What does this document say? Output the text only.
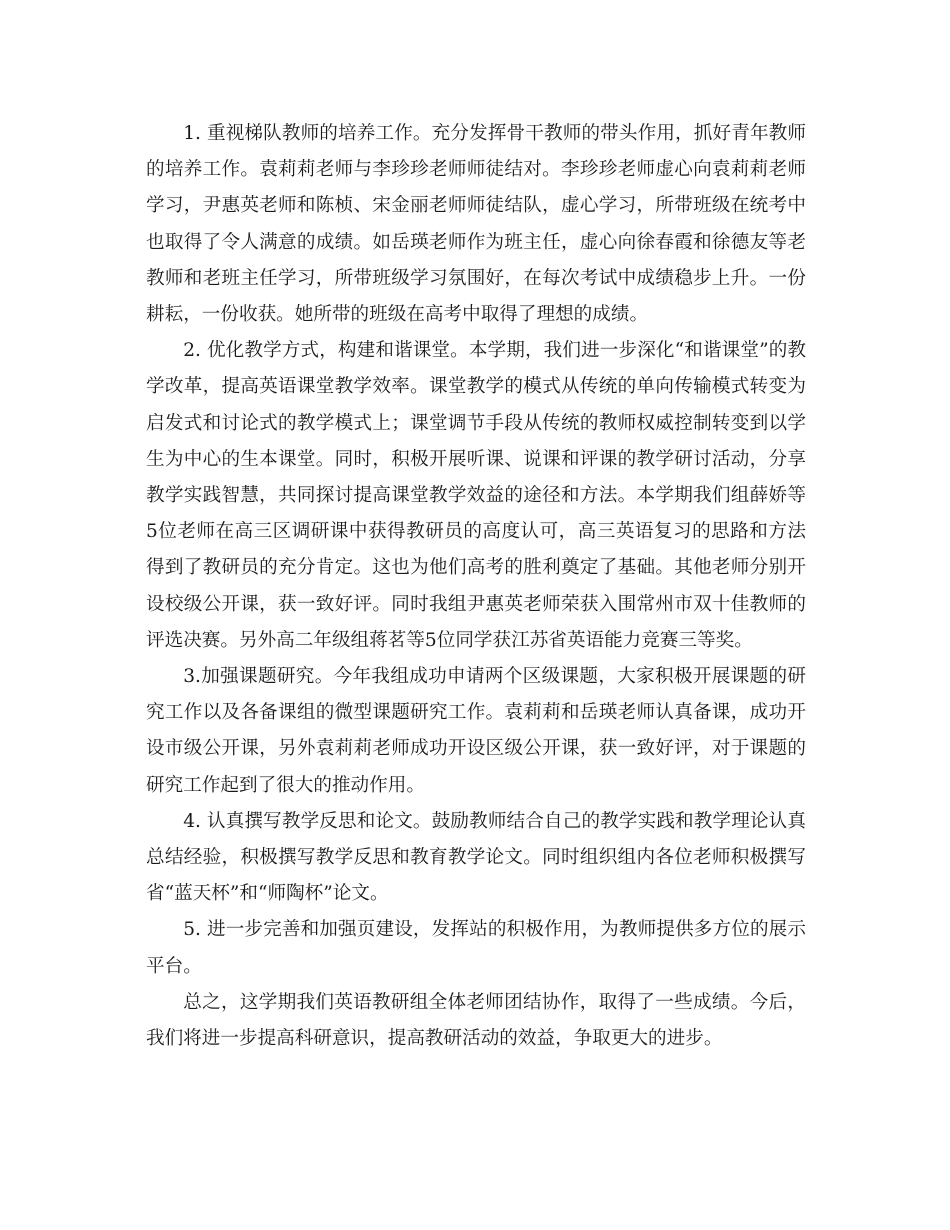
1. 重视梯队教师的培养工作。充分发挥骨干教师的带头作用，抓好青年教师的培养工作。袁莉莉老师与李珍珍老师师徒结对。李珍珍老师虚心向袁莉莉老师学习，尹惠英老师和陈桢、宋金丽老师师徒结队，虚心学习，所带班级在统考中也取得了令人满意的成绩。如岳瑛老师作为班主任，虚心向徐春霞和徐德友等老教师和老班主任学习，所带班级学习氛围好，在每次考试中成绩稳步上升。一份耕耘，一份收获。她所带的班级在高考中取得了理想的成绩。

2. 优化教学方式，构建和谐课堂。本学期，我们进一步深化“和谐课堂”的教学改革，提高英语课堂教学效率。课堂教学的模式从传统的单向传输模式转变为启发式和讨论式的教学模式上；课堂调节手段从传统的教师权威控制转变到以学生为中心的生本课堂。同时，积极开展听课、说课和评课的教学研讨活动，分享教学实践智慧，共同探讨提高课堂教学效益的途径和方法。本学期我们组薛娇等5位老师在高三区调研课中获得教研员的高度认可，高三英语复习的思路和方法得到了教研员的充分肯定。这也为他们高考的胜利奠定了基础。其他老师分别开设校级公开课，获一致好评。同时我组尹惠英老师荣获入围常州市双十佳教师的评选决赛。另外高二年级组蒋茗等5位同学获江苏省英语能力竞赛三等奖。

3.加强课题研究。今年我组成功申请两个区级课题，大家积极开展课题的研究工作以及各备课组的微型课题研究工作。袁莉莉和岳瑛老师认真备课，成功开设市级公开课，另外袁莉莉老师成功开设区级公开课，获一致好评，对于课题的研究工作起到了很大的推动作用。

4. 认真撰写教学反思和论文。鼓励教师结合自己的教学实践和教学理论认真总结经验，积极撰写教学反思和教育教学论文。同时组织组内各位老师积极撰写省“蓝天杯”和“师陶杯”论文。

5. 进一步完善和加强页建设，发挥站的积极作用，为教师提供多方位的展示平台。

总之，这学期我们英语教研组全体老师团结协作，取得了一些成绩。今后，我们将进一步提高科研意识，提高教研活动的效益，争取更大的进步。
